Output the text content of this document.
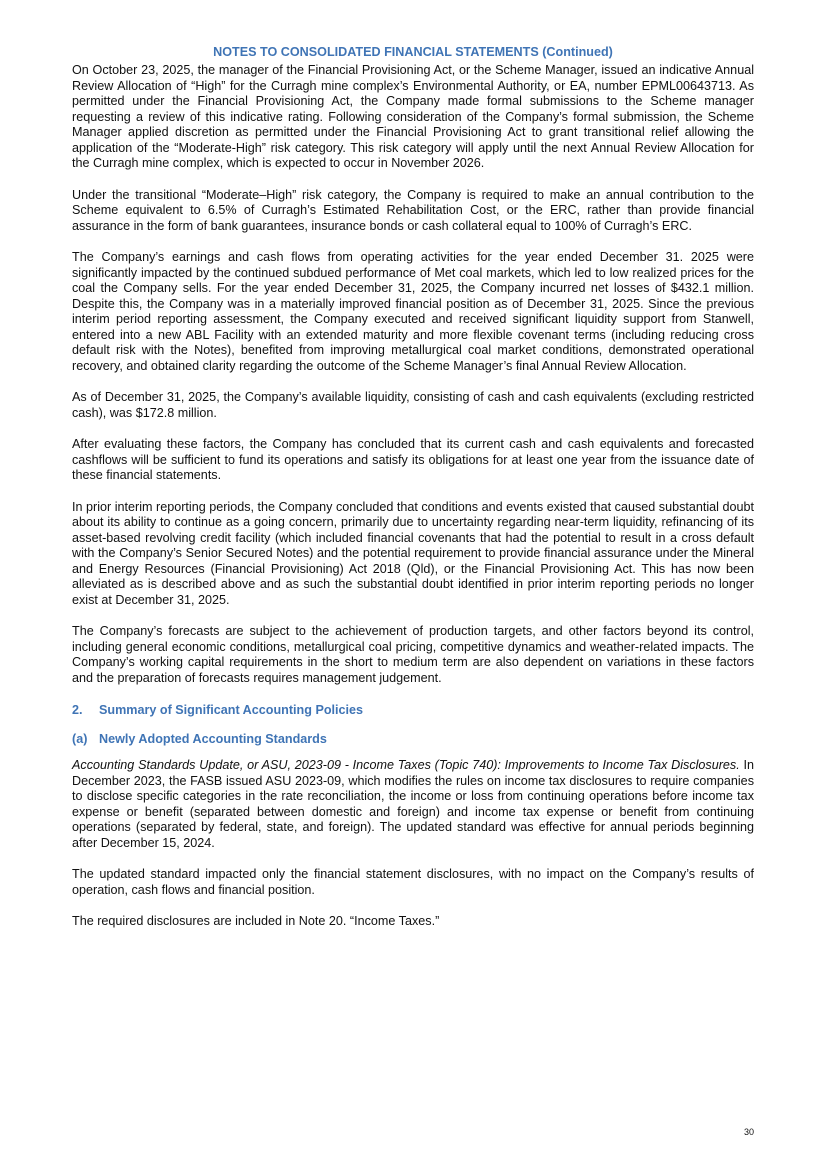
NOTES TO CONSOLIDATED FINANCIAL STATEMENTS (Continued)

On October 23, 2025, the manager of the Financial Provisioning Act, or the Scheme Manager, issued an indicative Annual Review Allocation of “High” for the Curragh mine complex’s Environmental Authority, or EA, number EPML00643713. As permitted under the Financial Provisioning Act, the Company made formal submissions to the Scheme manager requesting a review of this indicative rating. Following consideration of the Company’s formal submission, the Scheme Manager applied discretion as permitted under the Financial Provisioning Act to grant transitional relief allowing the application of the “Moderate-High” risk category. This risk category will apply until the next Annual Review Allocation for the Curragh mine complex, which is expected to occur in November 2026.

Under the transitional “Moderate–High” risk category, the Company is required to make an annual contribution to the Scheme equivalent to 6.5% of Curragh’s Estimated Rehabilitation Cost, or the ERC, rather than provide financial assurance in the form of bank guarantees, insurance bonds or cash collateral equal to 100% of Curragh’s ERC.

The Company’s earnings and cash flows from operating activities for the year ended December 31. 2025 were significantly impacted by the continued subdued performance of Met coal markets, which led to low realized prices for the coal the Company sells. For the year ended December 31, 2025, the Company incurred net losses of $432.1 million. Despite this, the Company was in a materially improved financial position as of December 31, 2025. Since the previous interim period reporting assessment, the Company executed and received significant liquidity support from Stanwell, entered into a new ABL Facility with an extended maturity and more flexible covenant terms (including reducing cross default risk with the Notes), benefited from improving metallurgical coal market conditions, demonstrated operational recovery, and obtained clarity regarding the outcome of the Scheme Manager’s final Annual Review Allocation.

As of December 31, 2025, the Company’s available liquidity, consisting of cash and cash equivalents (excluding restricted cash), was $172.8 million.

After evaluating these factors, the Company has concluded that its current cash and cash equivalents and forecasted cashflows will be sufficient to fund its operations and satisfy its obligations for at least one year from the issuance date of these financial statements.

In prior interim reporting periods, the Company concluded that conditions and events existed that caused substantial doubt about its ability to continue as a going concern, primarily due to uncertainty regarding near-term liquidity, refinancing of its asset-based revolving credit facility (which included financial covenants that had the potential to result in a cross default with the Company’s Senior Secured Notes) and the potential requirement to provide financial assurance under the Mineral and Energy Resources (Financial Provisioning) Act 2018 (Qld), or the Financial Provisioning Act. This has now been alleviated as is described above and as such the substantial doubt identified in prior interim reporting periods no longer exist at December 31, 2025.

The Company’s forecasts are subject to the achievement of production targets, and other factors beyond its control, including general economic conditions, metallurgical coal pricing, competitive dynamics and weather-related impacts. The Company’s working capital requirements in the short to medium term are also dependent on variations in these factors and the preparation of forecasts requires management judgement.

2. Summary of Significant Accounting Policies
(a) Newly Adopted Accounting Standards

Accounting Standards Update, or ASU, 2023-09 - Income Taxes (Topic 740): Improvements to Income Tax Disclosures. In December 2023, the FASB issued ASU 2023-09, which modifies the rules on income tax disclosures to require companies to disclose specific categories in the rate reconciliation, the income or loss from continuing operations before income tax expense or benefit (separated between domestic and foreign) and income tax expense or benefit from continuing operations (separated by federal, state, and foreign). The updated standard was effective for annual periods beginning after December 15, 2024.

The updated standard impacted only the financial statement disclosures, with no impact on the Company’s results of operation, cash flows and financial position.

The required disclosures are included in Note 20. “Income Taxes.”

30
